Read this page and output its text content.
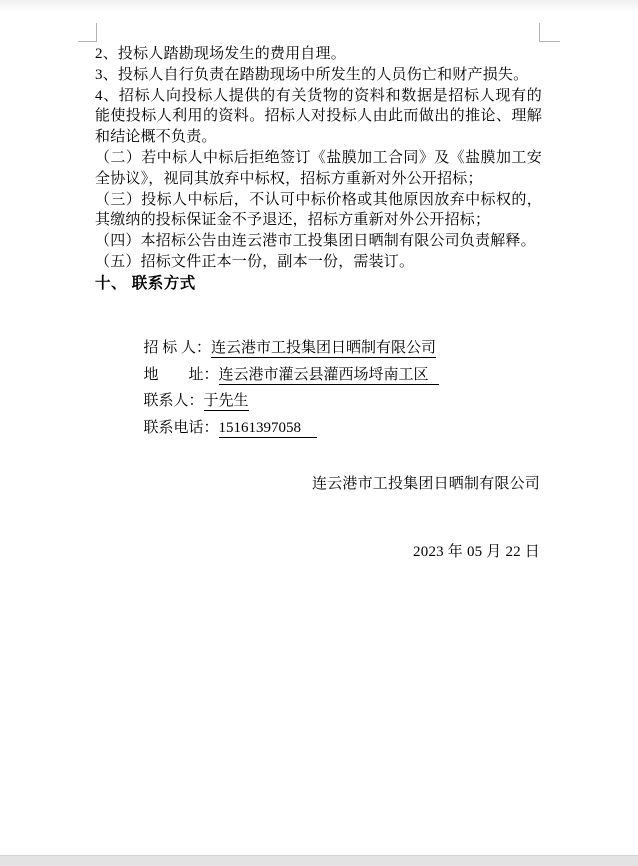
2、投标人踏勘现场发生的费用自理。

3、投标人自行负责在踏勘现场中所发生的人员伤亡和财产损失。

4、招标人向投标人提供的有关货物的资料和数据是招标人现有的能使投标人利用的资料。招标人对投标人由此而做出的推论、理解和结论概不负责。

（二）若中标人中标后拒绝签订《盐膜加工合同》及《盐膜加工安全协议》，视同其放弃中标权，招标方重新对外公开招标；

（三）投标人中标后，不认可中标价格或其他原因放弃中标权的，其缴纳的投标保证金不予退还，招标方重新对外公开招标；

（四）本招标公告由连云港市工投集团日晒制有限公司负责解释。

（五）招标文件正本一份，副本一份，需装订。

十、 联系方式

招 标 人：连云港市工投集团日晒制有限公司

地　　址：连云港市灌云县灌西场埒南工区

联系人：于先生

联系电话：15161397058

连云港市工投集团日晒制有限公司

2023 年 05 月 22 日
